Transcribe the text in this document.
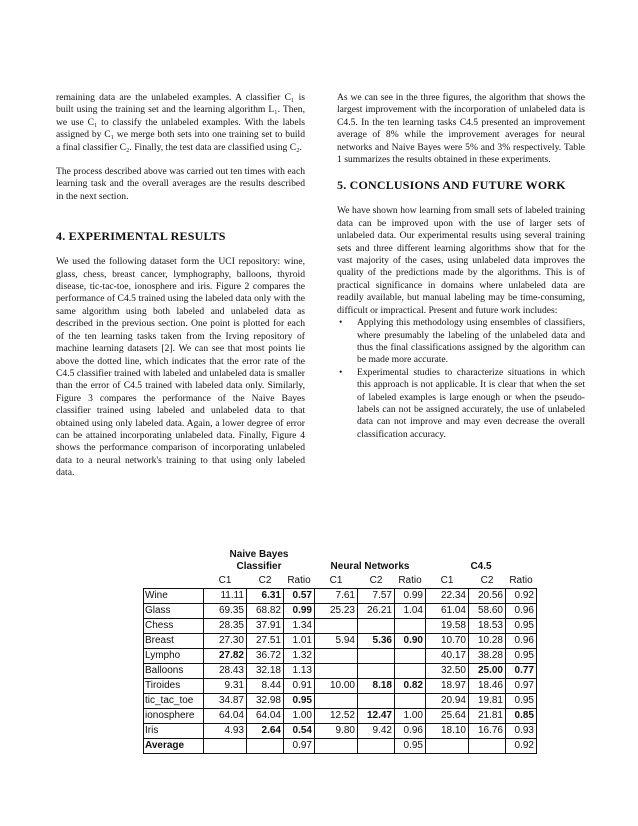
remaining data are the unlabeled examples. A classifier C₁ is built using the training set and the learning algorithm L₁. Then, we use C₁ to classify the unlabeled examples. With the labels assigned by C₁ we merge both sets into one training set to build a final classifier C₂. Finally, the test data are classified using C₂.

The process described above was carried out ten times with each learning task and the overall averages are the results described in the next section.

4. EXPERIMENTAL RESULTS

We used the following dataset form the UCI repository: wine, glass, chess, breast cancer, lymphography, balloons, thyroid disease, tic-tac-toe, ionosphere and iris. Figure 2 compares the performance of C4.5 trained using the labeled data only with the same algorithm using both labeled and unlabeled data as described in the previous section. One point is plotted for each of the ten learning tasks taken from the Irving repository of machine learning datasets [2]. We can see that most points lie above the dotted line, which indicates that the error rate of the C4.5 classifier trained with labeled and unlabeled data is smaller than the error of C4.5 trained with labeled data only. Similarly, Figure 3 compares the performance of the Naive Bayes classifier trained using labeled and unlabeled data to that obtained using only labeled data. Again, a lower degree of error can be attained incorporating unlabeled data. Finally, Figure 4 shows the performance comparison of incorporating unlabeled data to a neural network's training to that using only labeled data.

As we can see in the three figures, the algorithm that shows the largest improvement with the incorporation of unlabeled data is C4.5. In the ten learning tasks C4.5 presented an improvement average of 8% while the improvement averages for neural networks and Naive Bayes were 5% and 3% respectively. Table 1 summarizes the results obtained in these experiments.

5. CONCLUSIONS AND FUTURE WORK

We have shown how learning from small sets of labeled training data can be improved upon with the use of larger sets of unlabeled data. Our experimental results using several training sets and three different learning algorithms show that for the vast majority of the cases, using unlabeled data improves the quality of the predictions made by the algorithms. This is of practical significance in domains where unlabeled data are readily available, but manual labeling may be time-consuming, difficult or impractical. Present and future work includes:

• Applying this methodology using ensembles of classifiers, where presumably the labeling of the unlabeled data and thus the final classifications assigned by the algorithm can be made more accurate.
• Experimental studies to characterize situations in which this approach is not applicable. It is clear that when the set of labeled examples is large enough or when the pseudo-labels can not be assigned accurately, the use of unlabeled data can not improve and may even decrease the overall classification accuracy.
	Naive Bayes
Classifier			Neural Networks			C4.5		
	C1	C2	Ratio	C1	C2	Ratio	C1	C2	Ratio
Wine	11.11	6.31	0.57	7.61	7.57	0.99	22.34	20.56	0.92
Glass	69.35	68.82	0.99	25.23	26.21	1.04	61.04	58.60	0.96
Chess	28.35	37.91	1.34				19.58	18.53	0.95
Breast	27.30	27.51	1.01	5.94	5.36	0.90	10.70	10.28	0.96
Lympho	27.82	36.72	1.32				40.17	38.28	0.95
Balloons	28.43	32.18	1.13				32.50	25.00	0.77
Tiroides	9.31	8.44	0.91	10.00	8.18	0.82	18.97	18.46	0.97
tic_tac_toe	34.87	32.98	0.95				20.94	19.81	0.95
ionosphere	64.04	64.04	1.00	12.52	12.47	1.00	25.64	21.81	0.85
Iris	4.93	2.64	0.54	9.80	9.42	0.96	18.10	16.76	0.93
Average			0.97			0.95			0.92
